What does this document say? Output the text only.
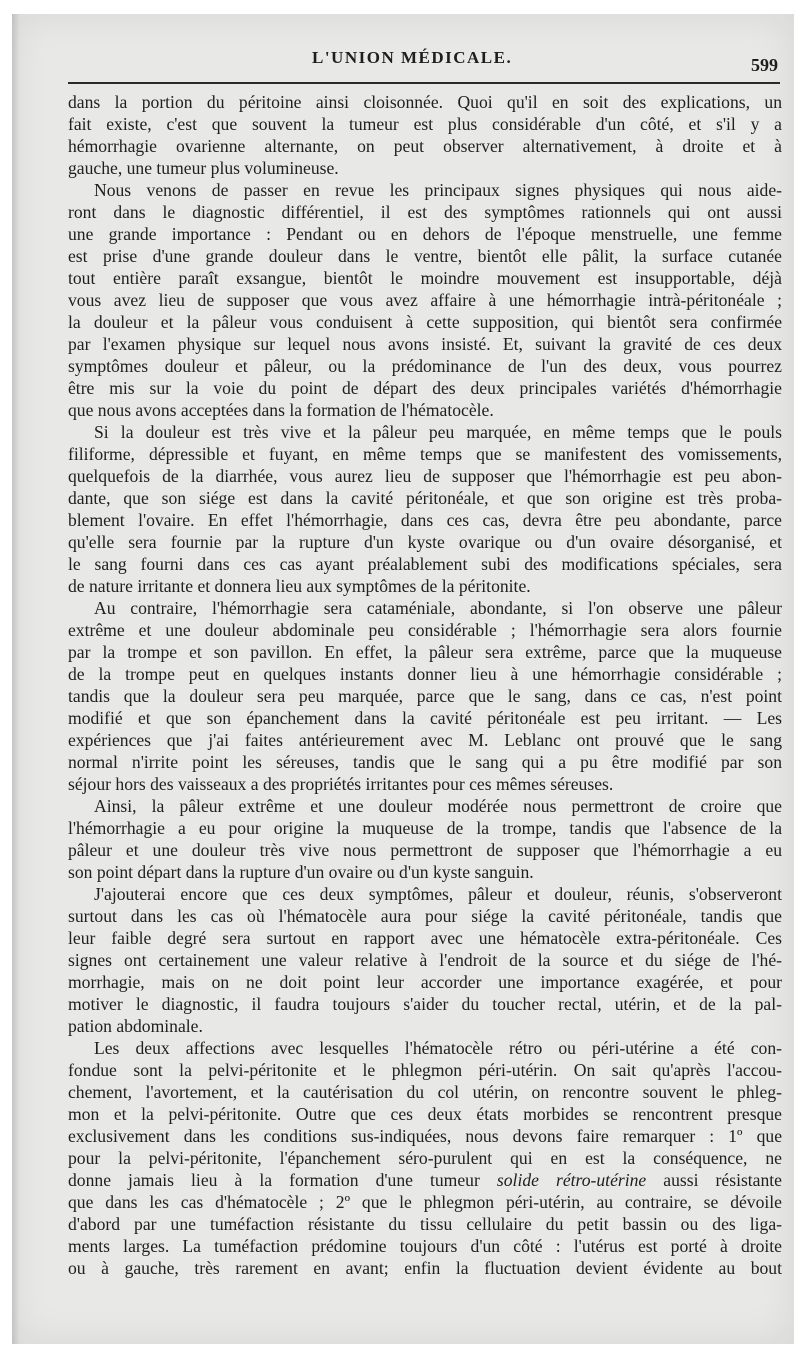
L'UNION MÉDICALE.	599
dans la portion du péritoine ainsi cloisonnée. Quoi qu'il en soit des explications, un
fait existe, c'est que souvent la tumeur est plus considérable d'un côté, et s'il y a
hémorrhagie ovarienne alternante, on peut observer alternativement, à droite et à
gauche, une tumeur plus volumineuse.
Nous venons de passer en revue les principaux signes physiques qui nous aide-
ront dans le diagnostic différentiel, il est des symptômes rationnels qui ont aussi
une grande importance : Pendant ou en dehors de l'époque menstruelle, une femme
est prise d'une grande douleur dans le ventre, bientôt elle pâlit, la surface cutanée
tout entière paraît exsangue, bientôt le moindre mouvement est insupportable, déjà
vous avez lieu de supposer que vous avez affaire à une hémorrhagie intrà-péritonéale ;
la douleur et la pâleur vous conduisent à cette supposition, qui bientôt sera confirmée
par l'examen physique sur lequel nous avons insisté. Et, suivant la gravité de ces deux
symptômes douleur et pâleur, ou la prédominance de l'un des deux, vous pourrez
être mis sur la voie du point de départ des deux principales variétés d'hémorrhagie
que nous avons acceptées dans la formation de l'hématocèle.
Si la douleur est très vive et la pâleur peu marquée, en même temps que le pouls
filiforme, dépressible et fuyant, en même temps que se manifestent des vomissements,
quelquefois de la diarrhée, vous aurez lieu de supposer que l'hémorrhagie est peu abon-
dante, que son siége est dans la cavité péritonéale, et que son origine est très proba-
blement l'ovaire. En effet l'hémorrhagie, dans ces cas, devra être peu abondante, parce
qu'elle sera fournie par la rupture d'un kyste ovarique ou d'un ovaire désorganisé, et
le sang fourni dans ces cas ayant préalablement subi des modifications spéciales, sera
de nature irritante et donnera lieu aux symptômes de la péritonite.
Au contraire, l'hémorrhagie sera cataméniale, abondante, si l'on observe une pâleur
extrême et une douleur abdominale peu considérable ; l'hémorrhagie sera alors fournie
par la trompe et son pavillon. En effet, la pâleur sera extrême, parce que la muqueuse
de la trompe peut en quelques instants donner lieu à une hémorrhagie considérable ;
tandis que la douleur sera peu marquée, parce que le sang, dans ce cas, n'est point
modifié et que son épanchement dans la cavité péritonéale est peu irritant. — Les
expériences que j'ai faites antérieurement avec M. Leblanc ont prouvé que le sang
normal n'irrite point les séreuses, tandis que le sang qui a pu être modifié par son
séjour hors des vaisseaux a des propriétés irritantes pour ces mêmes séreuses.
Ainsi, la pâleur extrême et une douleur modérée nous permettront de croire que
l'hémorrhagie a eu pour origine la muqueuse de la trompe, tandis que l'absence de la
pâleur et une douleur très vive nous permettront de supposer que l'hémorrhagie a eu
son point départ dans la rupture d'un ovaire ou d'un kyste sanguin.
J'ajouterai encore que ces deux symptômes, pâleur et douleur, réunis, s'observeront
surtout dans les cas où l'hématocèle aura pour siége la cavité péritonéale, tandis que
leur faible degré sera surtout en rapport avec une hématocèle extra-péritonéale. Ces
signes ont certainement une valeur relative à l'endroit de la source et du siége de l'hé-
morrhagie, mais on ne doit point leur accorder une importance exagérée, et pour
motiver le diagnostic, il faudra toujours s'aider du toucher rectal, utérin, et de la pal-
pation abdominale.
Les deux affections avec lesquelles l'hématocèle rétro ou péri-utérine a été con-
fondue sont la pelvi-péritonite et le phlegmon péri-utérin. On sait qu'après l'accou-
chement, l'avortement, et la cautérisation du col utérin, on rencontre souvent le phleg-
mon et la pelvi-péritonite. Outre que ces deux états morbides se rencontrent presque
exclusivement dans les conditions sus-indiquées, nous devons faire remarquer : 1º que
pour la pelvi-péritonite, l'épanchement séro-purulent qui en est la conséquence, ne
donne jamais lieu à la formation d'une tumeur solide rétro-utérine aussi résistante
que dans les cas d'hématocèle ; 2º que le phlegmon péri-utérin, au contraire, se dévoile
d'abord par une tuméfaction résistante du tissu cellulaire du petit bassin ou des liga-
ments larges. La tuméfaction prédomine toujours d'un côté : l'utérus est porté à droite
ou à gauche, très rarement en avant; enfin la fluctuation devient évidente au bout
